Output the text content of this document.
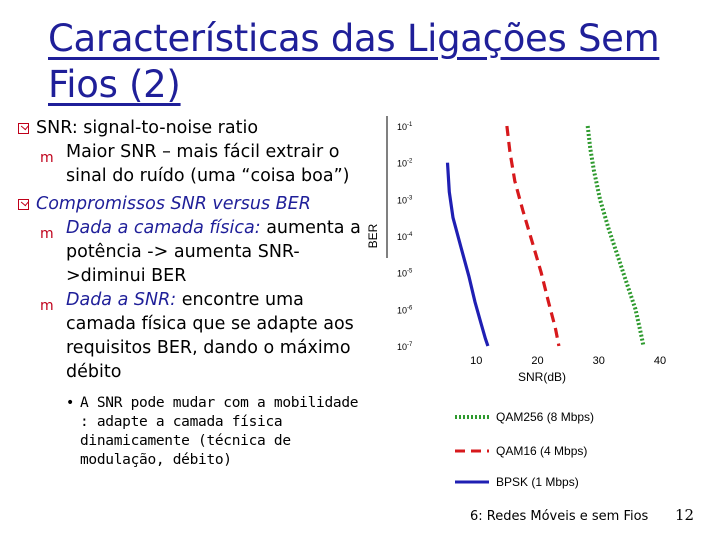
Características das Ligações Sem Fios (2)
SNR: signal-to-noise ratio
m Maior SNR – mais fácil extrair o sinal do ruído (uma “coisa boa”)
Compromissos SNR versus BER
m Dada a camada física: aumenta a potência -> aumenta SNR->diminui BER
m Dada a SNR: encontre uma camada física que se adapte aos requisitos BER, dando o máximo débito
• A SNR pode mudar com a mobilidade : adapte a camada física dinamicamente (técnica de modulação, débito)
$10^{-1}$
$10^{-2}$
$10^{-3}$
$10^{-4}$
$10^{-5}$
$10^{-6}$
$10^{-7}$
BER
10	20	30	40
SNR(dB)
QAM256 (8 Mbps)
QAM16 (4 Mbps)
BPSK (1 Mbps)
6: Redes Móveis e sem Fios 12
